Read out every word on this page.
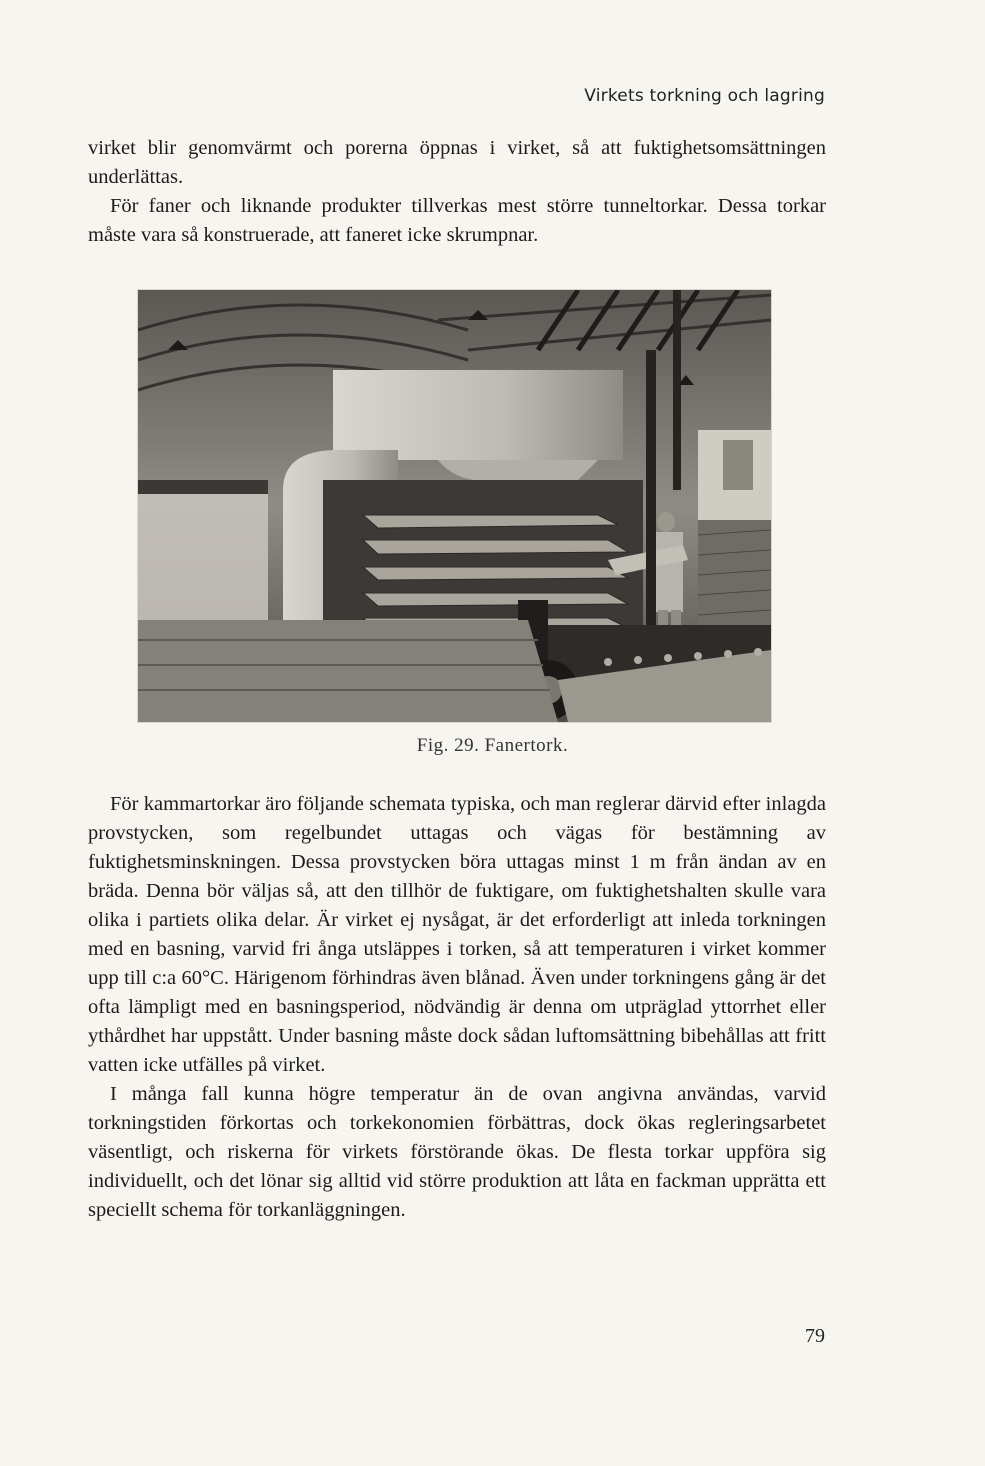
Virkets torkning och lagring

virket blir genomvärmt och porerna öppnas i virket, så att fuktighetsomsättningen underlättas.

För faner och liknande produkter tillverkas mest större tunneltorkar. Dessa torkar måste vara så konstruerade, att faneret icke skrumpnar.

Fig. 29. Fanertork.

För kammartorkar äro följande schemata typiska, och man reglerar därvid efter inlagda provstycken, som regelbundet uttagas och vägas för bestämning av fuktighetsminskningen. Dessa provstycken böra uttagas minst 1 m från ändan av en bräda. Denna bör väljas så, att den tillhör de fuktigare, om fuktighetshalten skulle vara olika i partiets olika delar. Är virket ej nysågat, är det erforderligt att inleda torkningen med en basning, varvid fri ånga utsläppes i torken, så att temperaturen i virket kommer upp till c:a 60°C. Härigenom förhindras även blånad. Även under torkningens gång är det ofta lämpligt med en basningsperiod, nödvändig är denna om utpräglad yttorrhet eller ythårdhet har uppstått. Under basning måste dock sådan luftomsättning bibehållas att fritt vatten icke utfälles på virket.

I många fall kunna högre temperatur än de ovan angivna användas, varvid torkningstiden förkortas och torkekonomien förbättras, dock ökas regleringsarbetet väsentligt, och riskerna för virkets förstörande ökas. De flesta torkar uppföra sig individuellt, och det lönar sig alltid vid större produktion att låta en fackman upprätta ett speciellt schema för torkanläggningen.

79
